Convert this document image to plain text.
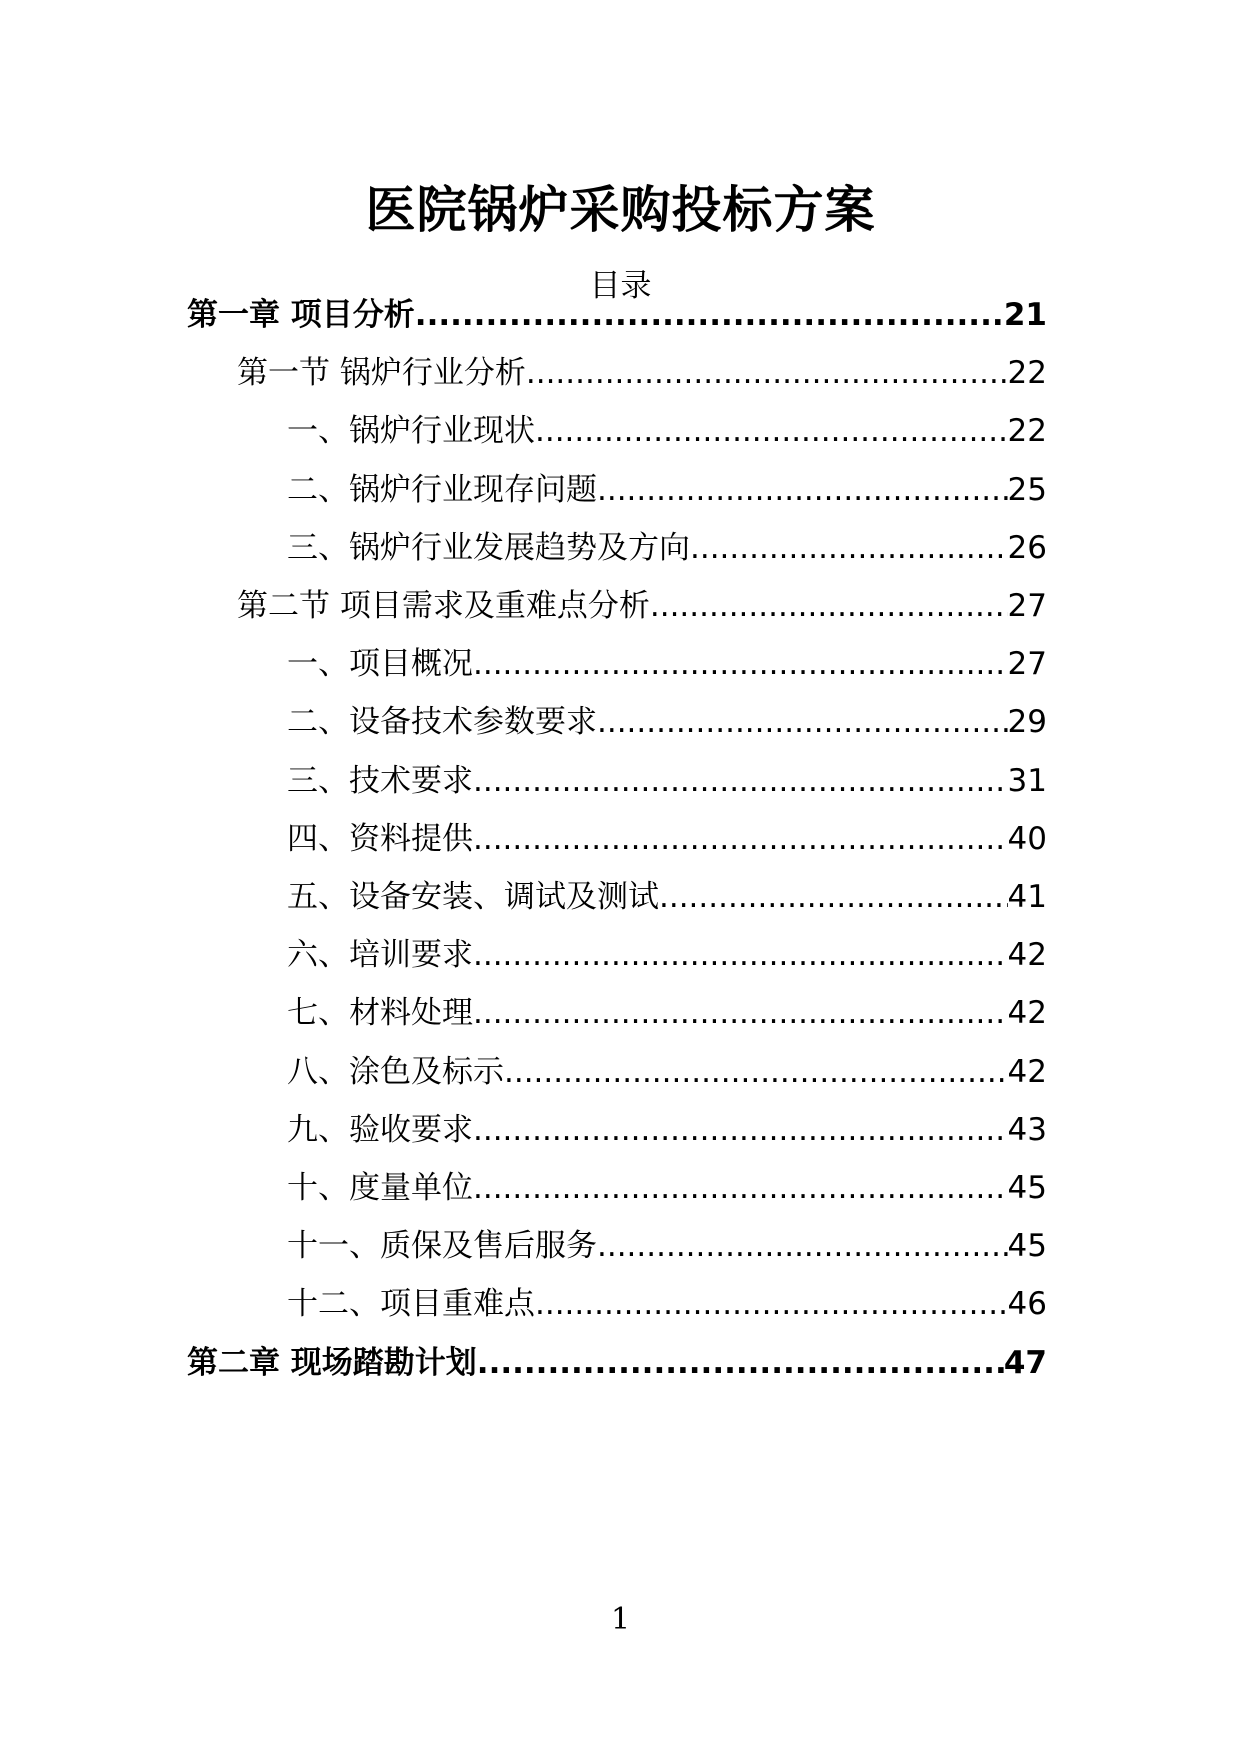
医院锅炉采购投标方案
目录
第一章 项目分析 .....	21
第一节 锅炉行业分析 .....	22
一、锅炉行业现状 .....	22
二、锅炉行业现存问题 .....	25
三、锅炉行业发展趋势及方向 .....	26
第二节 项目需求及重难点分析 .....	27
一、项目概况 .....	27
二、设备技术参数要求 .....	29
三、技术要求 .....	31
四、资料提供 .....	40
五、设备安装、调试及测试 .....	41
六、培训要求 .....	42
七、材料处理 .....	42
八、涂色及标示 .....	42
九、验收要求 .....	43
十、度量单位 .....	45
十一、质保及售后服务 .....	45
十二、项目重难点 .....	46
第二章 现场踏勘计划 .....	47
1
